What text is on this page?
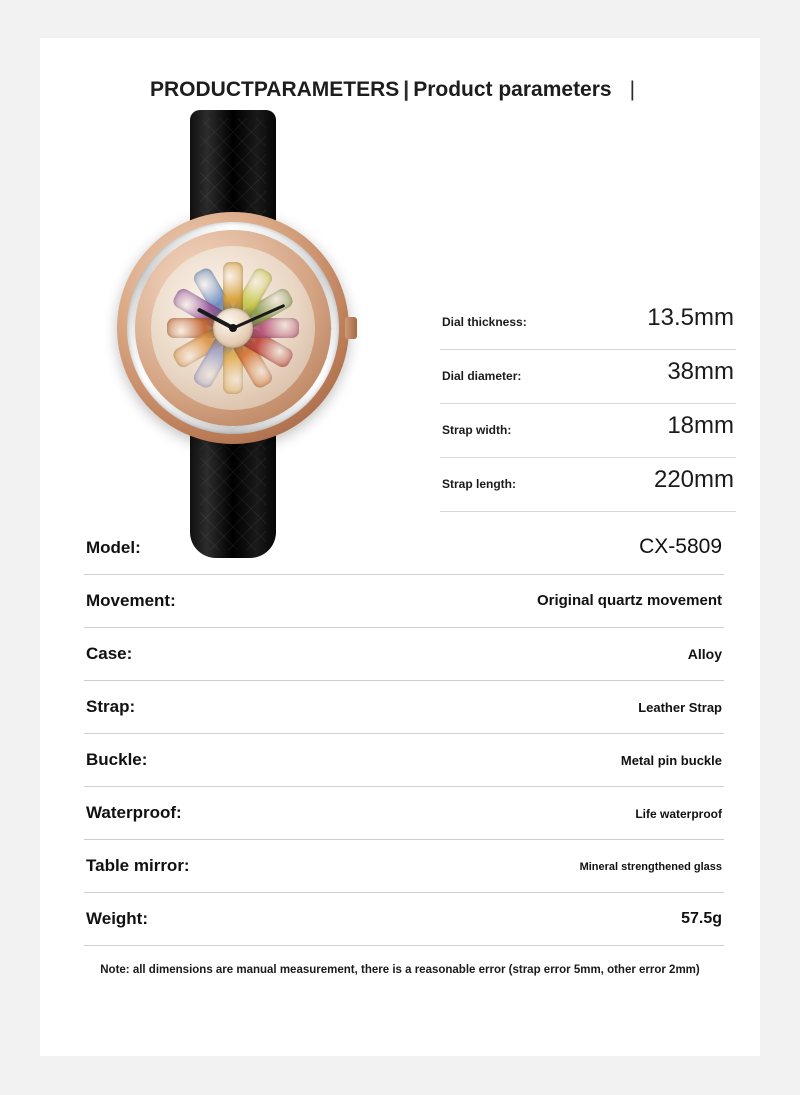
PRODUCTPARAMETERS | Product parameters |
Dial thickness:	13.5mm
Dial diameter:	38mm
Strap width:	18mm
Strap length:	220mm
Model:	CX-5809
Movement:	Original quartz movement
Case:	Alloy
Strap:	Leather Strap
Buckle:	Metal pin buckle
Waterproof:	Life waterproof
Table mirror:	Mineral strengthened glass
Weight:	57.5g
Note: all dimensions are manual measurement, there is a reasonable error (strap error 5mm, other error 2mm)
